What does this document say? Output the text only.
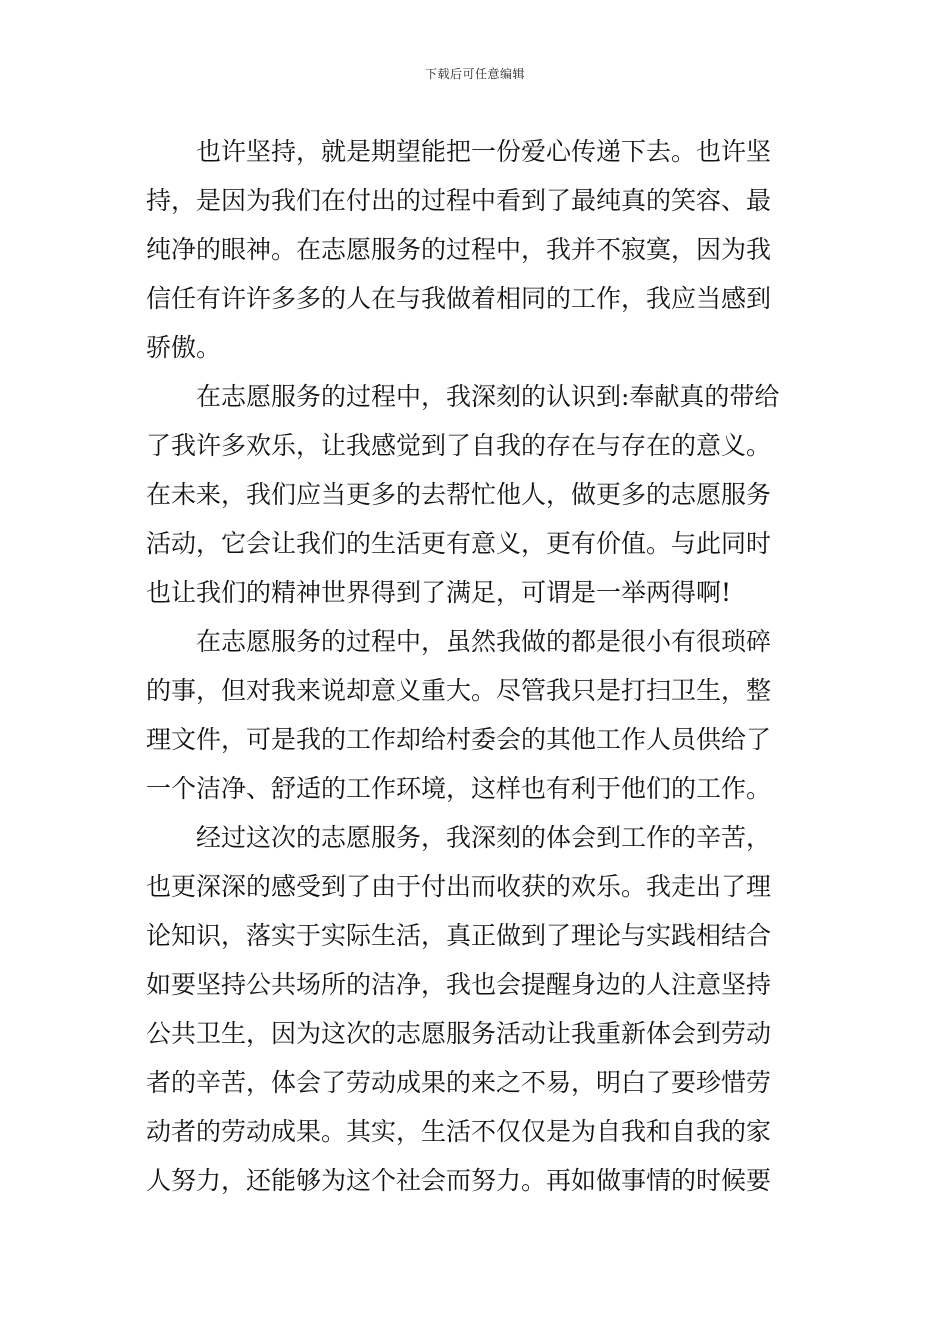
下载后可任意编辑
　　也许坚持，就是期望能把一份爱心传递下去。也许坚
持，是因为我们在付出的过程中看到了最纯真的笑容、最
纯净的眼神。在志愿服务的过程中，我并不寂寞，因为我
信任有许许多多的人在与我做着相同的工作，我应当感到
骄傲。
　　在志愿服务的过程中，我深刻的认识到:奉献真的带给
了我许多欢乐，让我感觉到了自我的存在与存在的意义。
在未来，我们应当更多的去帮忙他人，做更多的志愿服务
活动，它会让我们的生活更有意义，更有价值。与此同时
也让我们的精神世界得到了满足，可谓是一举两得啊!
　　在志愿服务的过程中，虽然我做的都是很小有很琐碎
的事，但对我来说却意义重大。尽管我只是打扫卫生，整
理文件，可是我的工作却给村委会的其他工作人员供给了
一个洁净、舒适的工作环境，这样也有利于他们的工作。
　　经过这次的志愿服务，我深刻的体会到工作的辛苦，
也更深深的感受到了由于付出而收获的欢乐。我走出了理
论知识，落实于实际生活，真正做到了理论与实践相结合
如要坚持公共场所的洁净，我也会提醒身边的人注意坚持
公共卫生，因为这次的志愿服务活动让我重新体会到劳动
者的辛苦，体会了劳动成果的来之不易，明白了要珍惜劳
动者的劳动成果。其实，生活不仅仅是为自我和自我的家
人努力，还能够为这个社会而努力。再如做事情的时候要
